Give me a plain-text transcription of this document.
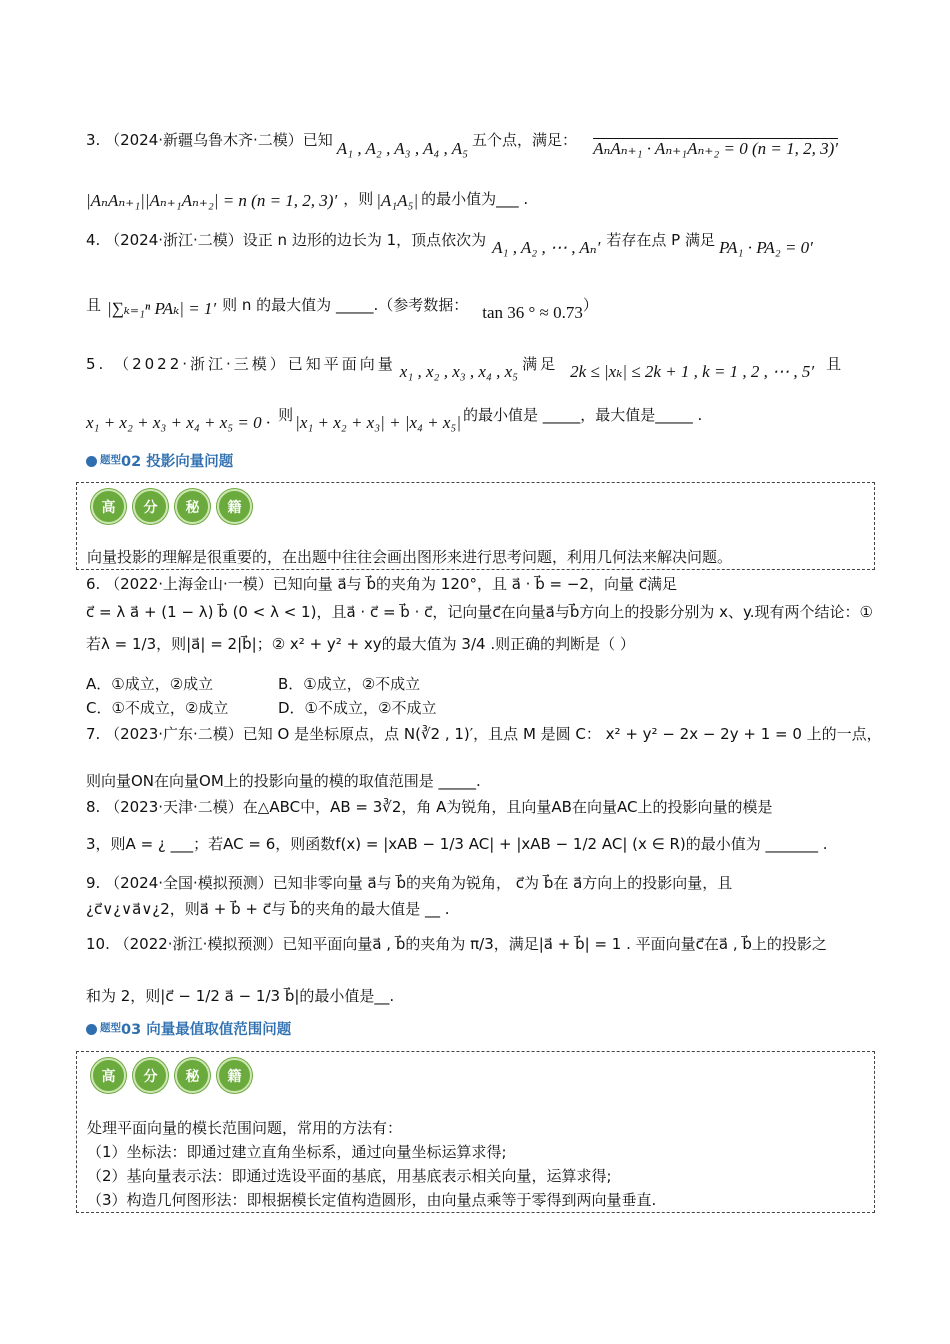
3. （2024·新疆乌鲁木齐·二模）已知 A₁ , A₂ , A₃ , A₄ , A₅ 五个点，满足： AₙAₙ₊₁ · Aₙ₊₁Aₙ₊₂ = 0 (n = 1, 2, 3)′
|AₙAₙ₊₁||Aₙ₊₁Aₙ₊₂| = n (n = 1, 2, 3)′ ，则 |A₁A₅| 的最小值为___ .
4. （2024·浙江·二模）设正 n 边形的边长为 1，顶点依次为 A₁ , A₂ , ⋯ , Aₙ′ 若存在点 P 满足 PA₁ · PA₂ = 0′
且 |∑ₖ₌₁ⁿ PAₖ| = 1′ 则 n 的最大值为 _____.（参考数据： tan 36 ° ≈ 0.73）
5. （2022·浙江·三模）已知平面向量 x₁ , x₂ , x₃ , x₄ , x₅ 满足 2k ≤ |xₖ| ≤ 2k + 1 , k = 1 , 2 , ⋯ , 5′ 且
x₁ + x₂ + x₃ + x₄ + x₅ = 0 · 则 |x₁ + x₂ + x₃| + |x₄ + x₅| 的最小值是 _____，最大值是_____ .
$^{题型}$02 投影向量问题
高	分	秘	籍
向量投影的理解是很重要的，在出题中往往会画出图形来进行思考问题，利用几何法来解决问题。
6. （2022·上海金山·一模）已知向量 a⃗与 b⃗的夹角为 120°，且 a⃗ · b⃗ = −2，向量 c⃗满足
c⃗ = λ a⃗ + (1 − λ) b⃗ (0 < λ < 1)，且a⃗ · c⃗ = b⃗ · c⃗，记向量c⃗在向量a⃗与b⃗方向上的投影分别为 x、y.现有两个结论：①
若λ = 1/3，则|a⃗| = 2|b⃗|；② x² + y² + xy的最大值为 3/4 .则正确的判断是（ ）
A．①成立，②成立	B．①成立，②不成立
C．①不成立，②成立	D．①不成立，②不成立
7. （2023·广东·二模）已知 O 是坐标原点，点 N(∛2 , 1)′，且点 M 是圆 C： x² + y² − 2x − 2y + 1 = 0 上的一点，
则向量ON在向量OM上的投影向量的模的取值范围是 _____.
8. （2023·天津·二模）在△ABC中，AB = 3∛2，角 A为锐角，且向量AB在向量AC上的投影向量的模是
3，则A = ¿ ___；若AC = 6，则函数f(x) = |xAB − 1/3 AC| + |xAB − 1/2 AC| (x ∈ R)的最小值为 _______ .
9. （2024·全国·模拟预测）已知非零向量 a⃗与 b⃗的夹角为锐角， c⃗为 b⃗在 a⃗方向上的投影向量，且
¿c⃗∨¿∨a⃗∨¿2，则a⃗ + b⃗ + c⃗与 b⃗的夹角的最大值是 __ .
10. （2022·浙江·模拟预测）已知平面向量a⃗ , b⃗的夹角为 π/3，满足|a⃗ + b⃗| = 1 . 平面向量c⃗在a⃗ , b⃗上的投影之
和为 2，则|c⃗ − 1/2 a⃗ − 1/3 b⃗|的最小值是__.
$^{题型}$03 向量最值取值范围问题
高	分	秘	籍
处理平面向量的模长范围问题，常用的方法有：
（1）坐标法：即通过建立直角坐标系，通过向量坐标运算求得;
（2）基向量表示法：即通过选设平面的基底，用基底表示相关向量，运算求得;
（3）构造几何图形法：即根据模长定值构造圆形，由向量点乘等于零得到两向量垂直.
